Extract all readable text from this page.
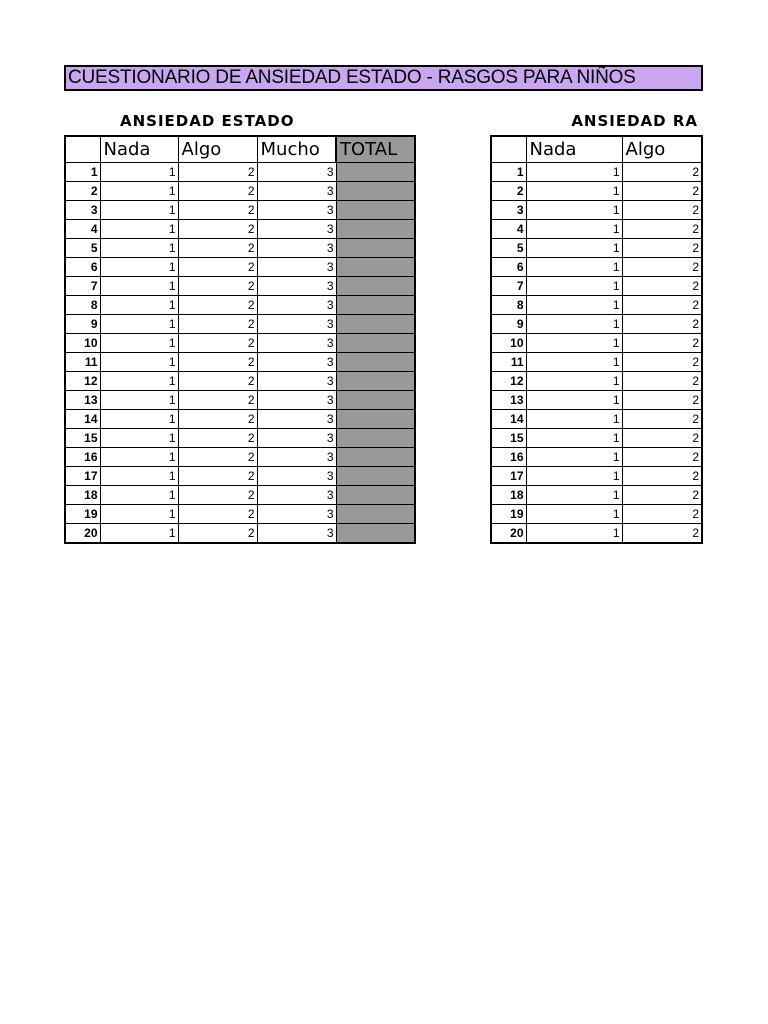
CUESTIONARIO DE ANSIEDAD ESTADO - RASGOS PARA NIÑOS
ANSIEDAD ESTADO	ANSIEDAD RA
	Nada	Algo	Mucho	TOTAL
1	1	2	3	
2	1	2	3	
3	1	2	3	
4	1	2	3	
5	1	2	3	
6	1	2	3	
7	1	2	3	
8	1	2	3	
9	1	2	3	
10	1	2	3	
11	1	2	3	
12	1	2	3	
13	1	2	3	
14	1	2	3	
15	1	2	3	
16	1	2	3	
17	1	2	3	
18	1	2	3	
19	1	2	3	
20	1	2	3	
	Nada	Algo
1	1	2
2	1	2
3	1	2
4	1	2
5	1	2
6	1	2
7	1	2
8	1	2
9	1	2
10	1	2
11	1	2
12	1	2
13	1	2
14	1	2
15	1	2
16	1	2
17	1	2
18	1	2
19	1	2
20	1	2
